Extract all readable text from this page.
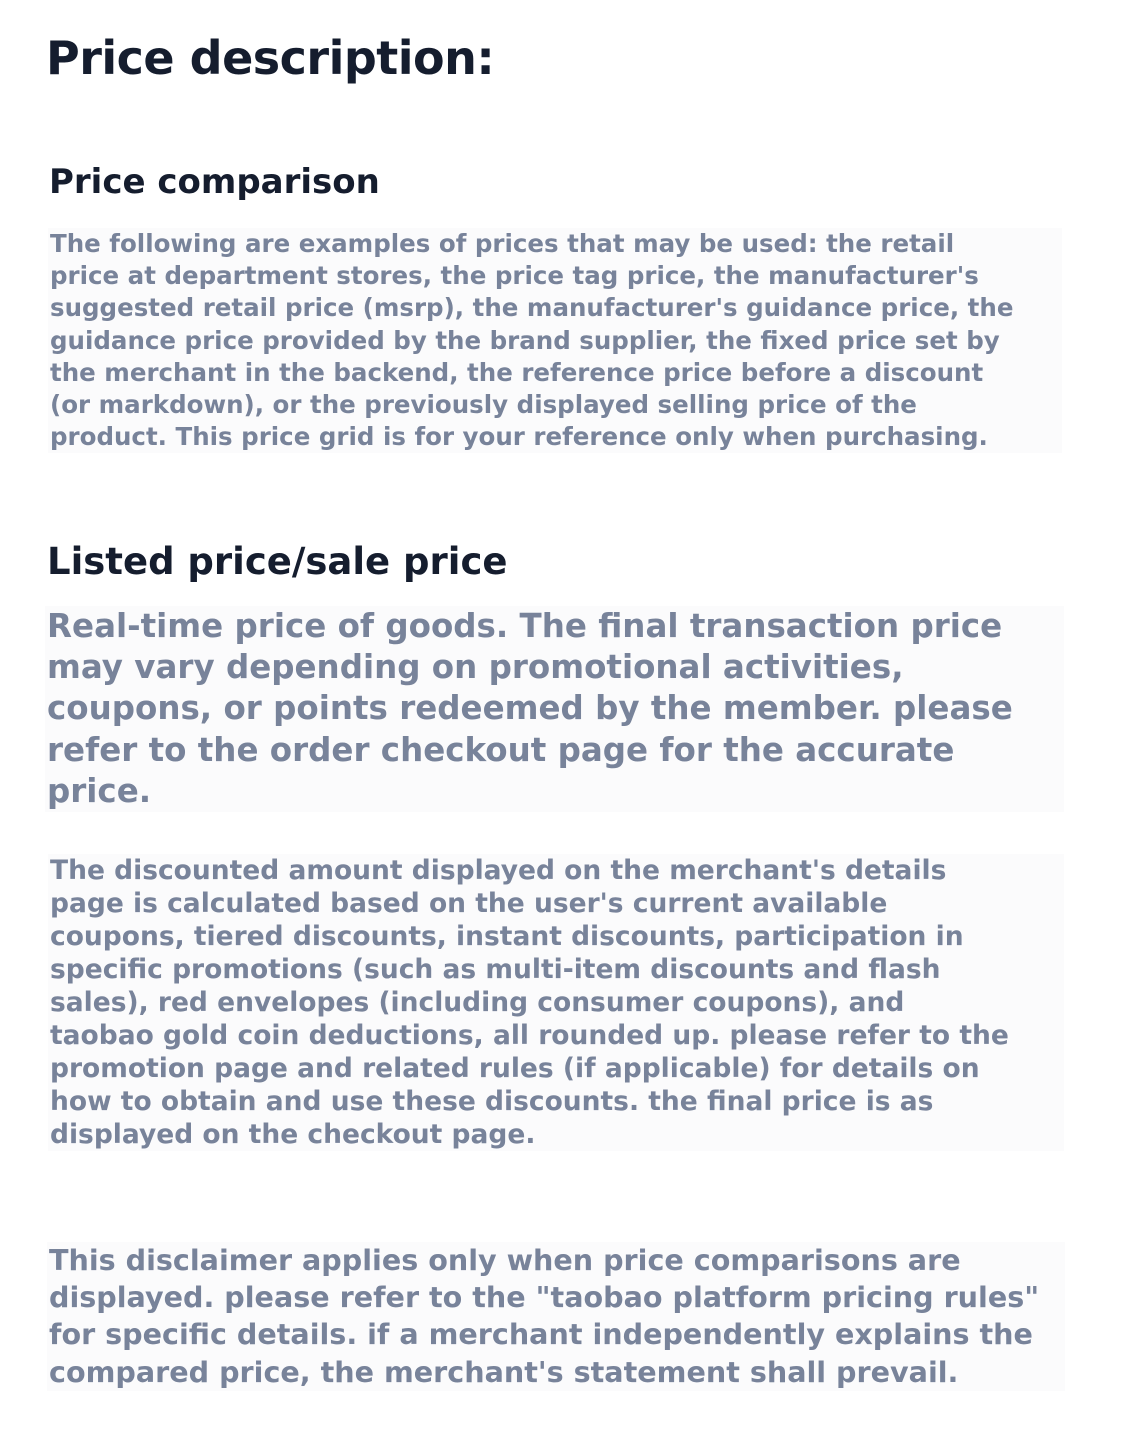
Price description:
Price comparison

The following are examples of prices that may be used: the retail
price at department stores, the price tag price, the manufacturer's
suggested retail price (msrp), the manufacturer's guidance price, the
guidance price provided by the brand supplier, the fixed price set by
the merchant in the backend, the reference price before a discount
(or markdown), or the previously displayed selling price of the
product. This price grid is for your reference only when purchasing.

Listed price/sale price

Real-time price of goods. The final transaction price
may vary depending on promotional activities,
coupons, or points redeemed by the member. please
refer to the order checkout page for the accurate price.

The discounted amount displayed on the merchant's details
page is calculated based on the user's current available
coupons, tiered discounts, instant discounts, participation in
specific promotions (such as multi-item discounts and flash
sales), red envelopes (including consumer coupons), and
taobao gold coin deductions, all rounded up. please refer to the
promotion page and related rules (if applicable) for details on
how to obtain and use these discounts. the final price is as
displayed on the checkout page.

This disclaimer applies only when price comparisons are
displayed. please refer to the "taobao platform pricing rules"
for specific details. if a merchant independently explains the
compared price, the merchant's statement shall prevail.
